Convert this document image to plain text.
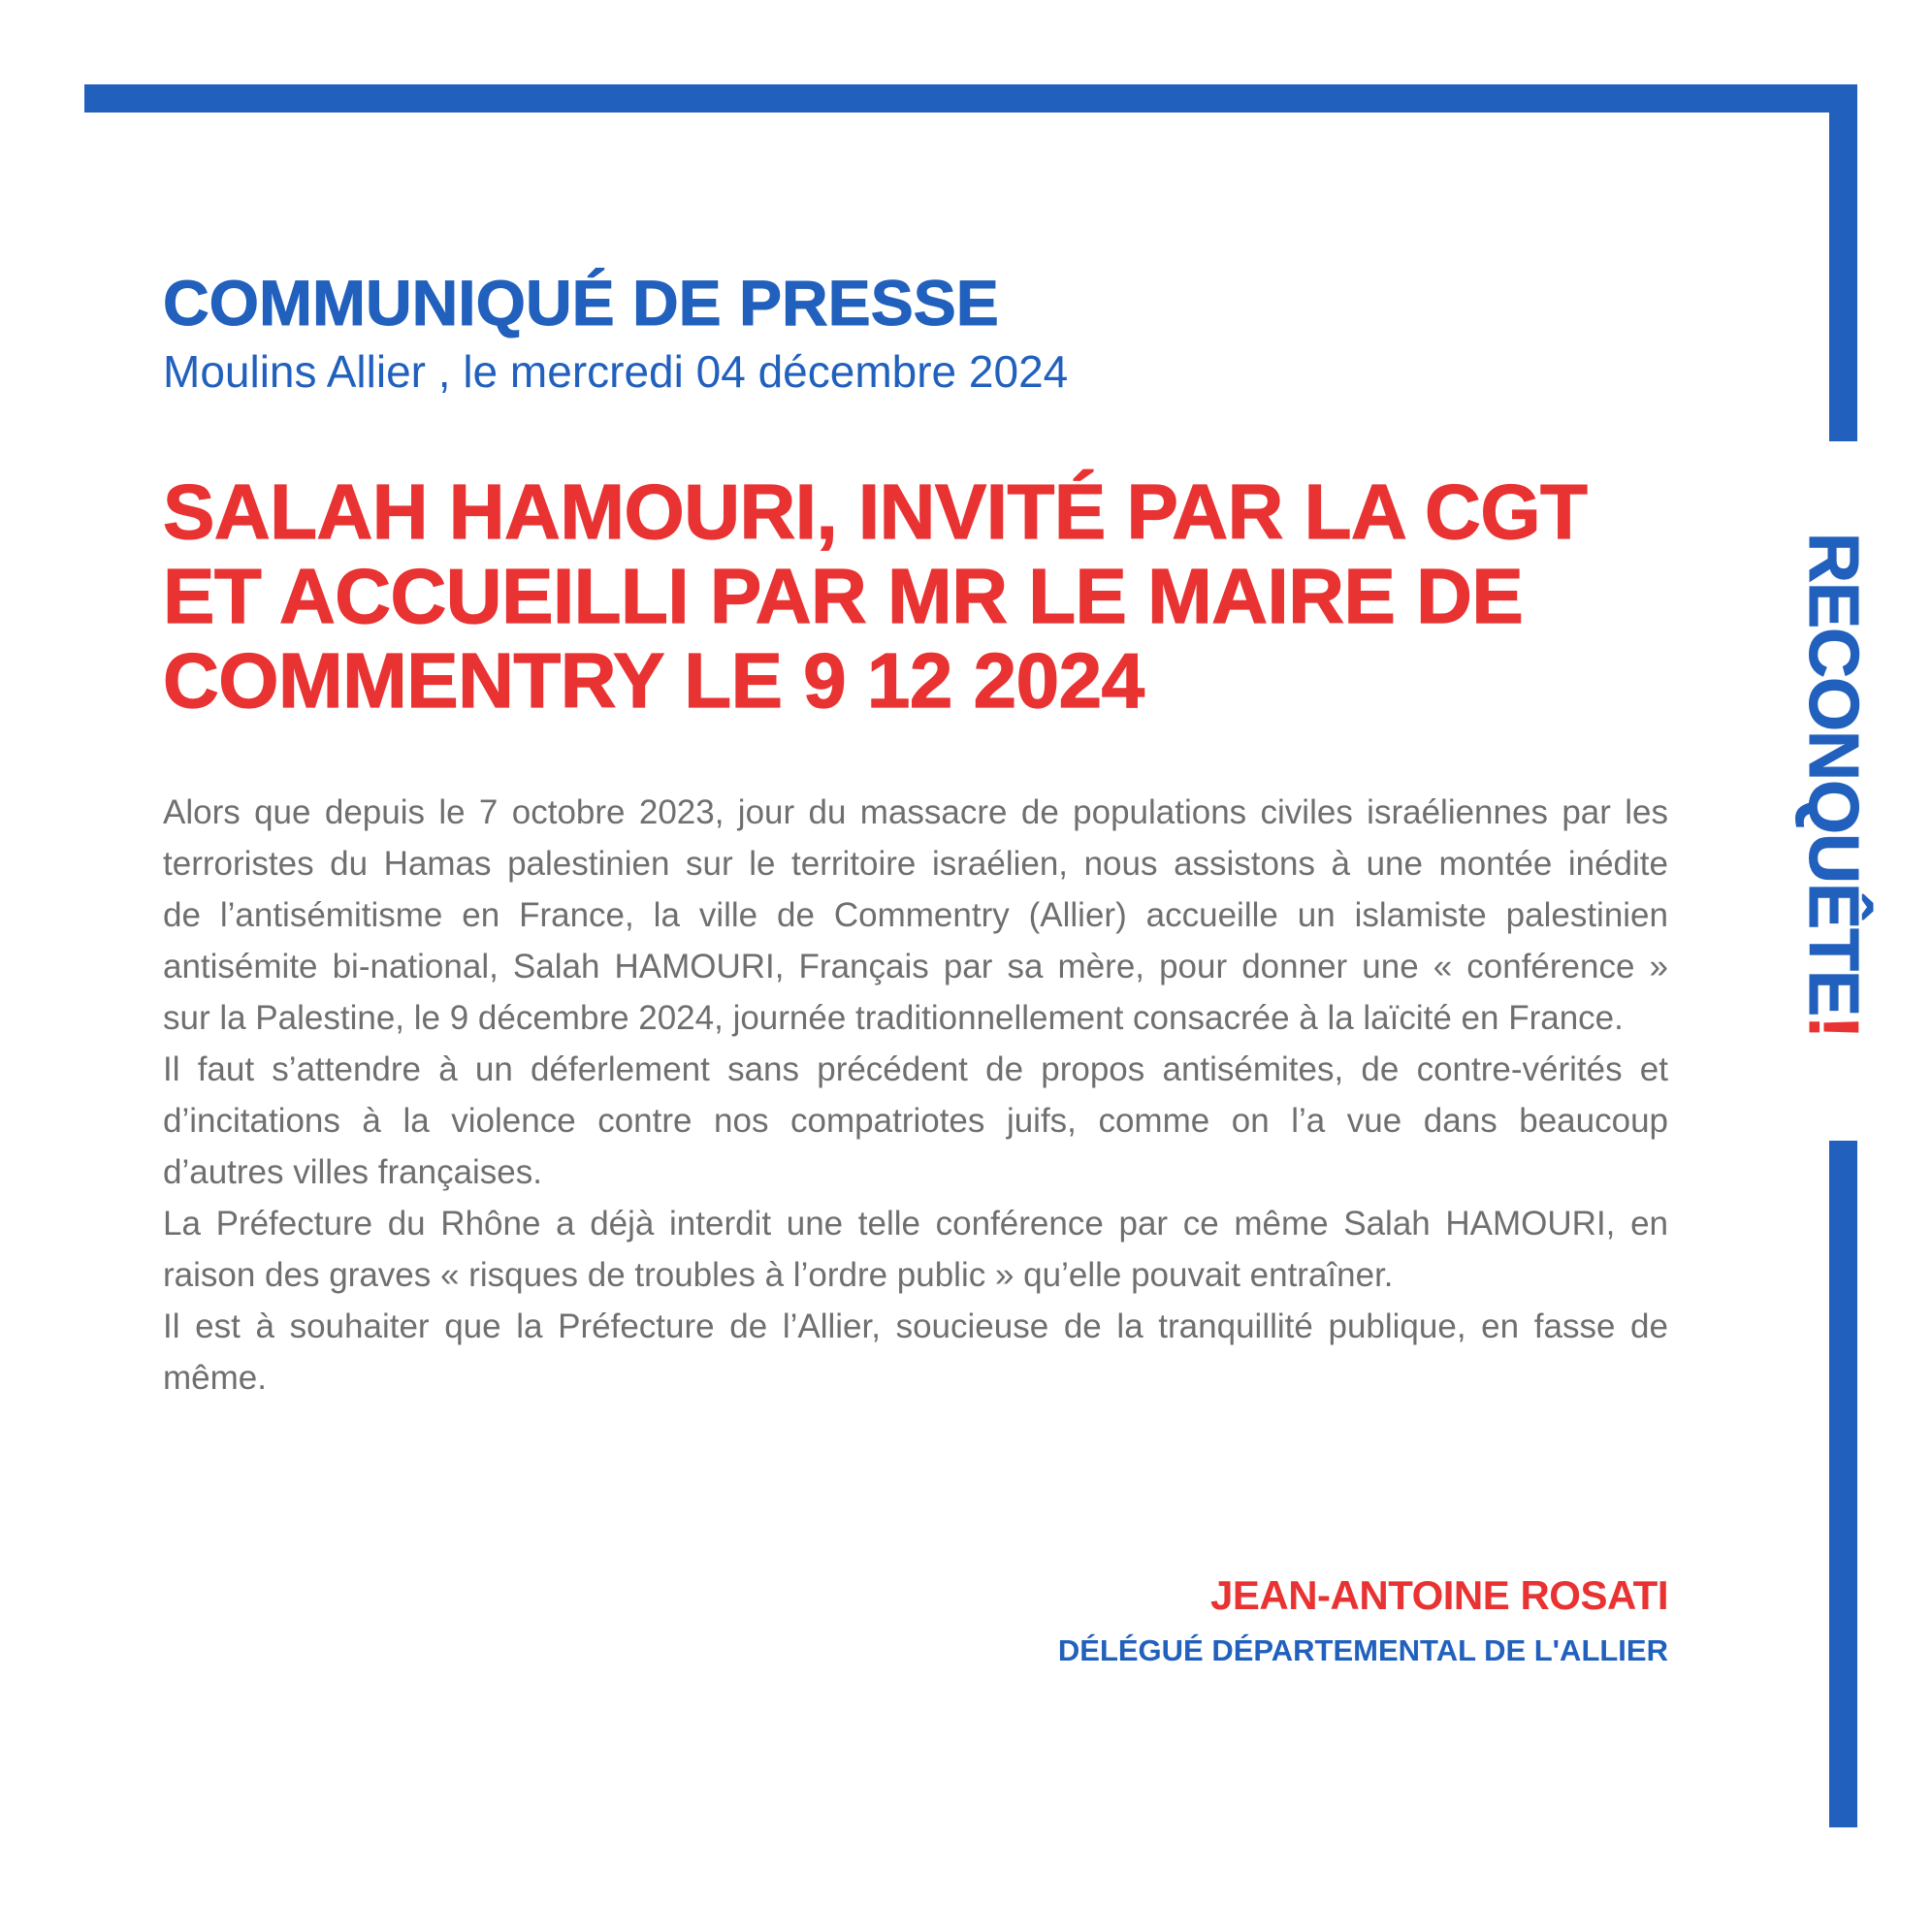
COMMUNIQUÉ DE PRESSE
Moulins Allier , le mercredi 04 décembre 2024
SALAH HAMOURI, INVITÉ PAR LA CGT
ET ACCUEILLI PAR MR LE MAIRE DE
COMMENTRY LE 9 12 2024

Alors que depuis le 7 octobre 2023, jour du massacre de populations civiles israéliennes par les
terroristes du Hamas palestinien sur le territoire israélien, nous assistons à une montée inédite
de l’antisémitisme en France, la ville de Commentry (Allier) accueille un islamiste palestinien
antisémite bi-national, Salah HAMOURI, Français par sa mère, pour donner une « conférence »
sur la Palestine, le 9 décembre 2024, journée traditionnellement consacrée à la laïcité en France.

Il faut s’attendre à un déferlement sans précédent de propos antisémites, de contre-vérités et
d’incitations à la violence contre nos compatriotes juifs, comme on l’a vue dans beaucoup
d’autres villes françaises.

La Préfecture du Rhône a déjà interdit une telle conférence par ce même Salah HAMOURI, en
raison des graves « risques de troubles à l’ordre public » qu’elle pouvait entraîner.

Il est à souhaiter que la Préfecture de l’Allier, soucieuse de la tranquillité publique, en fasse de
même.

JEAN-ANTOINE ROSATI
DÉLÉGUÉ DÉPARTEMENTAL DE L'ALLIER
RECONQUÊTE!
